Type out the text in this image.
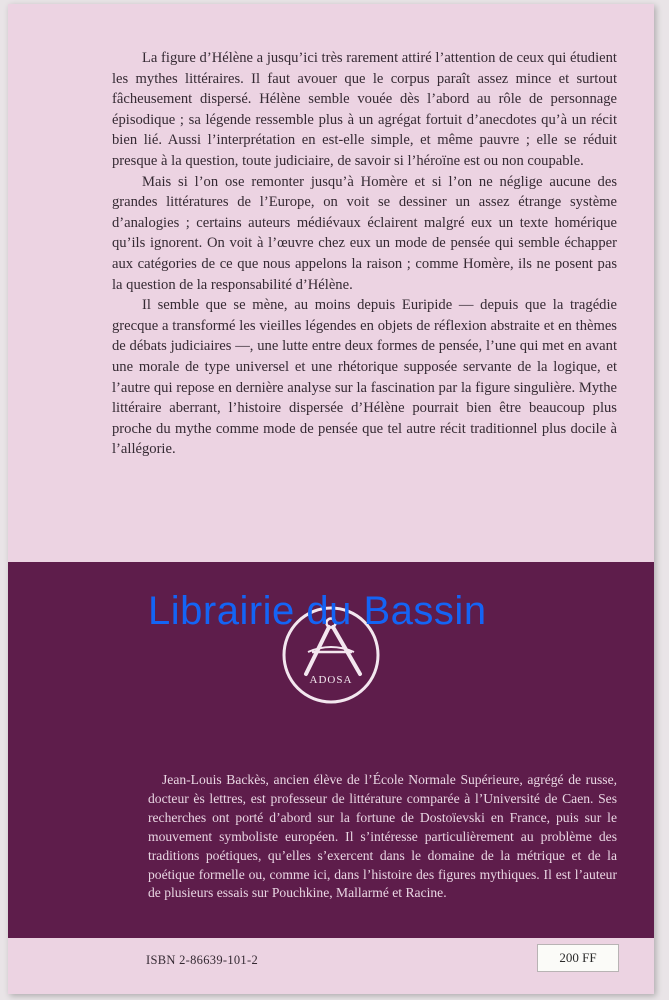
La figure d’Hélène a jusqu’ici très rarement attiré l’attention de ceux qui étudient les mythes littéraires. Il faut avouer que le corpus paraît assez mince et surtout fâcheusement dispersé. Hélène semble vouée dès l’abord au rôle de personnage épisodique ; sa légende ressemble plus à un agrégat fortuit d’anecdotes qu’à un récit bien lié. Aussi l’interprétation en est-elle simple, et même pauvre ; elle se réduit presque à la question, toute judiciaire, de savoir si l’héroïne est ou non coupable.

Mais si l’on ose remonter jusqu’à Homère et si l’on ne néglige aucune des grandes littératures de l’Europe, on voit se dessiner un assez étrange système d’analogies ; certains auteurs médiévaux éclairent malgré eux un texte homérique qu’ils ignorent. On voit à l’œuvre chez eux un mode de pensée qui semble échapper aux catégories de ce que nous appelons la raison ; comme Homère, ils ne posent pas la question de la responsabilité d’Hélène.

Il semble que se mène, au moins depuis Euripide — depuis que la tragédie grecque a transformé les vieilles légendes en objets de réflexion abstraite et en thèmes de débats judiciaires —, une lutte entre deux formes de pensée, l’une qui met en avant une morale de type universel et une rhétorique supposée servante de la logique, et l’autre qui repose en dernière analyse sur la fascination par la figure singulière. Mythe littéraire aberrant, l’histoire dispersée d’Hélène pourrait bien être beaucoup plus proche du mythe comme mode de pensée que tel autre récit traditionnel plus docile à l’allégorie.

ADOSA
Librairie du Bassin
Jean-Louis Backès, ancien élève de l’École Normale Supérieure, agrégé de russe, docteur ès lettres, est professeur de littérature comparée à l’Université de Caen. Ses recherches ont porté d’abord sur la fortune de Dostoïevski en France, puis sur le mouvement symboliste européen. Il s’intéresse particulièrement au problème des traditions poétiques, qu’elles s’exercent dans le domaine de la métrique et de la poétique formelle ou, comme ici, dans l’histoire des figures mythiques. Il est l’auteur de plusieurs essais sur Pouchkine, Mallarmé et Racine.
ISBN 2-86639-101-2	200 FF
